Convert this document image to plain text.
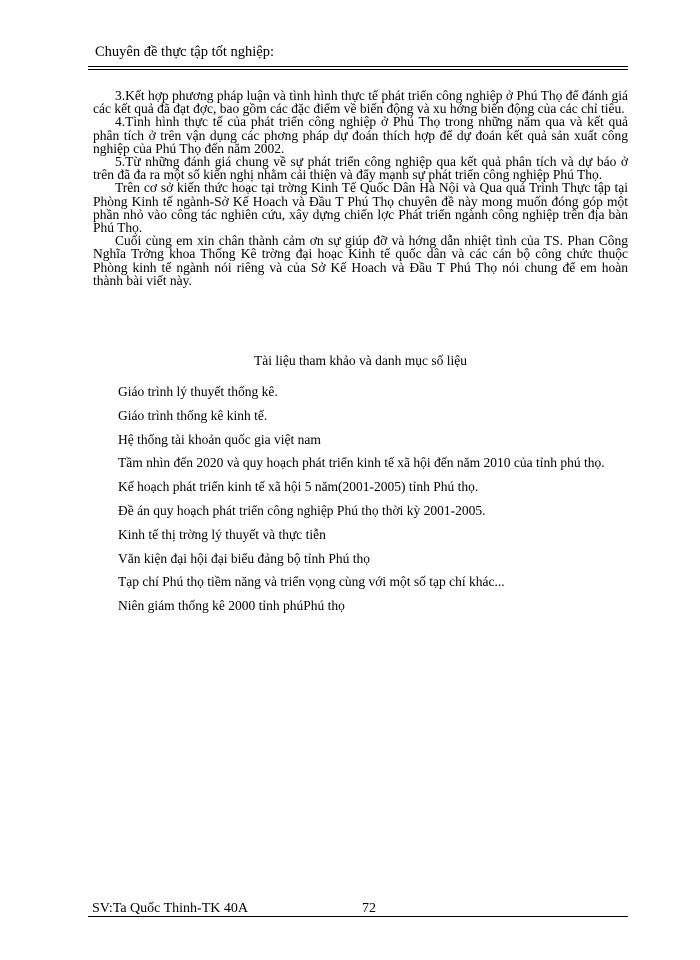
Chuyên đề thực tập tốt nghiệp:

3.Kết hợp phương pháp luận và tình hình thực tế phát triển công nghiệp ở Phú Thọ để đánh giá các kết quả đã đạt đợc, bao gồm các đặc điểm về biến động và xu hớng biến động của các chỉ tiêu.

4.Tình hình thực tế của phát triển công nghiệp ở Phú Thọ trong những năm qua và kết quả phân tích ở trên vận dụng các phơng pháp dự đoán thích hợp để dự đoán kết quả sản xuất công nghiệp của Phú Thọ đến năm 2002.

5.Từ những đánh giá chung về sự phát triển công nghiệp qua kết quả phân tích và dự báo ở trên đã đa ra một số kiến nghị nhằm cải thiện và đẩy mạnh sự phát triển công nghiệp Phú Thọ.

Trên cơ sở kiến thức hoạc tại trờng Kinh Tế Quốc Dân Hà Nội và Qua quá Trình Thực tập tại Phòng Kinh tế ngành-Sở Kế Hoach và Đầu T Phú Thọ chuyên đề này mong muốn đóng góp một phần nhỏ vào công tác nghiên cứu, xây dựng chiến lợc Phát triển ngành công nghiệp trên địa bàn Phú Thọ.

Cuối cùng em xin chân thành cảm ơn sự giúp đỡ và hớng dẫn nhiệt tình của TS. Phan Công Nghĩa Trởng khoa Thống Kê trờng đại hoạc Kinh tế quốc dân và các cán bộ công chức thuộc Phòng kinh tế ngành nói riêng và của Sở Kế Hoach và Đầu T Phú Thọ nói chung để em hoàn thành bài viết này.

Tài liệu tham khảo và danh mục số liệu
Giáo trình lý thuyết thống kê.
Giáo trình thống kê kinh tế.
Hệ thống tài khoản quốc gia việt nam
Tầm nhìn đến 2020 và quy hoạch phát triển kinh tế xã hội đến năm 2010 của tỉnh phú thọ.
Kế hoạch phát triển kinh tế xã hội 5 năm(2001-2005) tỉnh Phú thọ.
Đề án quy hoạch phát triển công nghiệp Phú thọ thời kỳ 2001-2005.
Kinh tế thị trờng lý thuyết và thực tiễn
Văn kiện đại hội đại biểu đảng bộ tỉnh Phú thọ
Tạp chí Phú thọ tiềm năng và triển vọng cùng với một số tạp chí khác...
Niên giám thống kê 2000 tỉnh phúPhú thọ
SV:Ta Quốc Thinh-TK 40A	72
